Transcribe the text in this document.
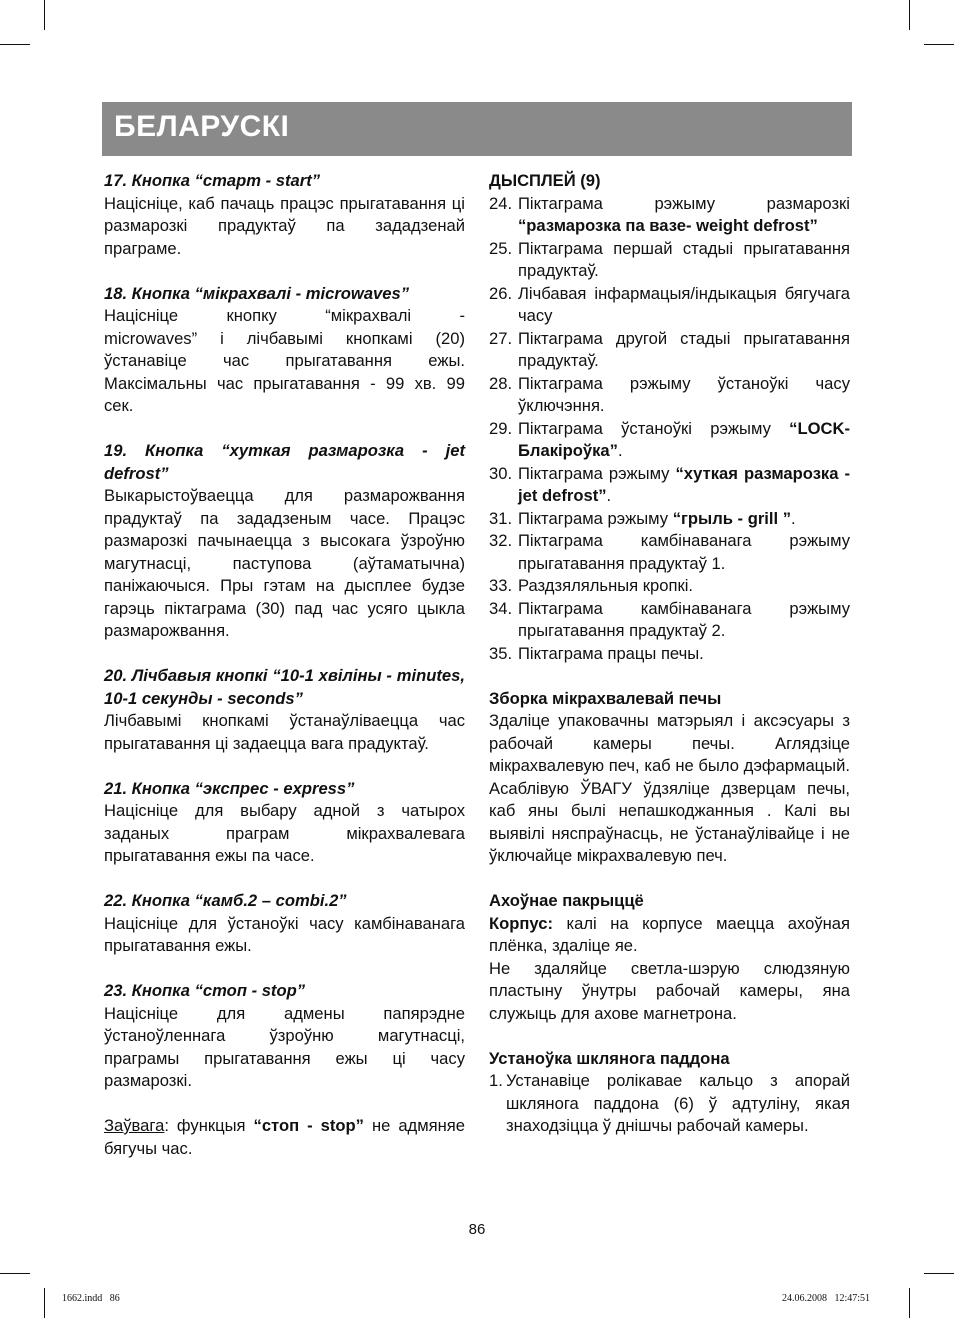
БЕЛАРУСКІ
17. Кнопка “старт - start”
Націсніце, каб пачаць працэс прыгатавання ці размарозкі прадуктаў па зададзенай праграме.
18. Кнопка “мікрахвалі - microwaves”
Націсніце кнопку “мікрахвалі -
microwaves” і лічбавымі кнопкамі (20) ўстанавіце час прыгатавання ежы. Максімальны час прыгатавання - 99 хв. 99 сек.
19. Кнопка “хуткая размарозка - jet defrost”
Выкарыстоўваецца для размарожвання прадуктаў па зададзеным часе. Працэс размарозкі пачынаецца з высокага ўзроўню магутнасці, паступова (аўтаматычна) паніжаючыся. Пры гэтам на дысплее будзе гарэць піктаграма (30) пад час усяго цыкла размарожвання.
20. Лічбавыя кнопкі “10-1 хвіліны - minutes, 10-1 секунды - seconds”
Лічбавымі кнопкамі ўстанаўліваецца час прыгатавання ці задаецца вага прадуктаў.
21. Кнопка “экспрес - express”
Націсніце для выбару адной з чатырох заданых праграм мікрахвалевага прыгатавання ежы па часе.
22. Кнопка “камб.2 – combi.2”
Націсніце для ўстаноўкі часу камбінаванага прыгатавання ежы.
23. Кнопка “стоп - stop”
Націсніце для адмены папярэдне ўстаноўленнага ўзроўню магутнасці, праграмы прыгатавання ежы ці часу размарозкі.
Заўвага: функцыя “стоп - stop” не адмяняе бягучы час.
ДЫСПЛЕЙ (9)
24. Піктаграма рэжыму размарозкі “размарозка па вазе- weight defrost”
25. Піктаграма першай стадыі прыгатавання прадуктаў.
26. Лічбавая інфармацыя/індыкацыя бягучага часу
27. Піктаграма другой стадыі прыгатавання прадуктаў.
28. Піктаграма рэжыму ўстаноўкі часу ўключэння.
29. Піктаграма ўстаноўкі рэжыму “LOCK-Блакіроўка”.
30. Піктаграма рэжыму “хуткая размарозка - jet defrost”.
31. Піктаграма рэжыму “грыль - grill ”.
32. Піктаграма камбінаванага рэжыму прыгатавання прадуктаў 1.
33. Раздзяляльныя кропкі.
34. Піктаграма камбінаванага рэжыму прыгатавання прадуктаў 2.
35. Піктаграма працы печы.
Зборка мікрахвалевай печы
Здаліце упаковачны матэрыял і аксэсуары з рабочай камеры печы. Аглядзіце мікрахвалевую печ, каб не было дэфармацый. Асаблівую ЎВАГУ ўдзяліце дзверцам печы, каб яны былі непашкоджанныя . Калі вы выявілі няспраўнасць, не ўстанаўлівайце і не ўключайце мікрахвалевую печ.
Ахоўнае пакрыццё
Корпус: калі на корпусе маецца ахоўная плёнка, здаліце яе.
Не здаляйце светла-шэрую слюдзяную пластыну ўнутры рабочай камеры, яна служыць для ахове магнетрона.
Устаноўка шклянога паддона
1. Устанавіце ролікавае кальцо з апорай шклянога паддона (6) ў адтуліну, якая знаходзіцца ў днішчы рабочай камеры.
86
1662.indd   86	24.06.2008   12:47:51
